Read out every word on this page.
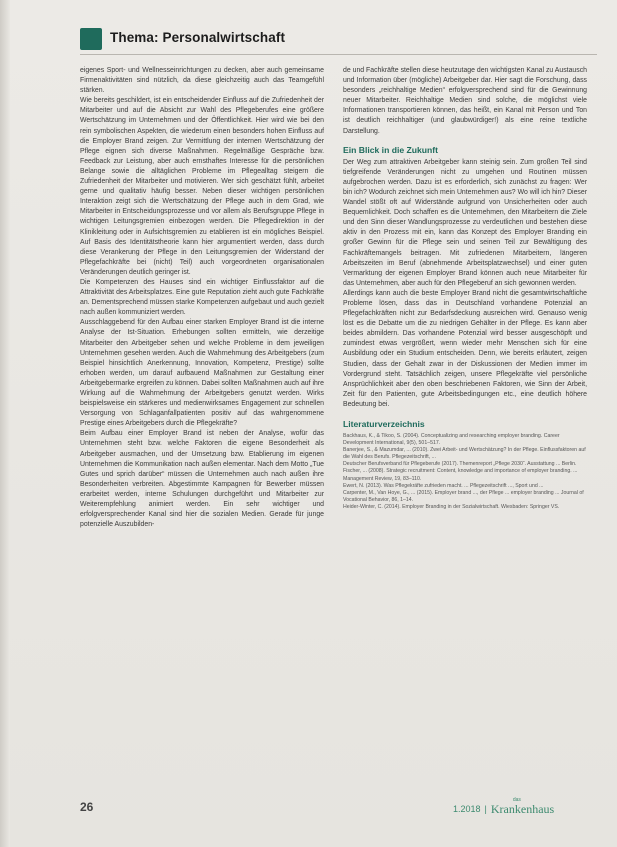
Thema: Personalwirtschaft

eigenes Sport- und Wellnesseinrichtungen zu decken, aber auch gemeinsame Firmenaktivitäten sind nützlich, da diese gleichzeitig auch das Teamgefühl stärken.

Wie bereits geschildert, ist ein entscheidender Einfluss auf die Zufriedenheit der Mitarbeiter und auf die Absicht zur Wahl des Pflegeberufes eine größere Wertschätzung im Unternehmen und der Öffentlichkeit. Hier wird wie bei den rein symbolischen Aspekten, die wiederum einen besonders hohen Einfluss auf die Employer Brand zeigen. Zur Vermittlung der internen Wertschätzung der Pflege eignen sich diverse Maßnahmen. Regelmäßige Gespräche bzw. Feedback zur Leistung, aber auch ernsthaftes Interesse für die persönlichen Belange sowie die alltäglichen Probleme im Pflegealltag steigern die Zufriedenheit der Mitarbeiter und motivieren. Wer sich geschätzt fühlt, arbeitet gerne und qualitativ häufig besser. Neben dieser wichtigen persönlichen Interaktion zeigt sich die Wertschätzung der Pflege auch in dem Grad, wie Mitarbeiter in Entscheidungsprozesse und vor allem als Berufsgruppe Pflege in wichtigen Leitungsgremien einbezogen werden. Die Pflegedirektion in der Klinikleitung oder in Aufsichtsgremien zu etablieren ist ein mögliches Beispiel. Auf Basis des Identitätstheorie kann hier argumentiert werden, dass durch diese Verankerung der Pflege in den Leitungsgremien der Widerstand der Pflegefachkräfte bei (nicht) Teil) auch vorgeordneten organisationalen Veränderungen deutlich geringer ist.

Die Kompetenzen des Hauses sind ein wichtiger Einflussfaktor auf die Attraktivität des Arbeitsplatzes. Eine gute Reputation zieht auch gute Fachkräfte an. Dementsprechend müssen starke Kompetenzen aufgebaut und auch gezielt nach außen kommuniziert werden.

Ausschlaggebend für den Aufbau einer starken Employer Brand ist die interne Analyse der Ist-Situation. Erhebungen sollten ermitteln, wie derzeitige Mitarbeiter den Arbeitgeber sehen und welche Probleme in dem jeweiligen Unternehmen gesehen werden. Auch die Wahrnehmung des Arbeitgebers (zum Beispiel hinsichtlich Anerkennung, Innovation, Kompetenz, Prestige) sollte erhoben werden, um darauf aufbauend Maßnahmen zur Gestaltung einer Arbeitgebermarke ergreifen zu können. Dabei sollten Maßnahmen auch auf ihre Wirkung auf die Wahrnehmung der Arbeitgebers genutzt werden. Wirks beispielsweise ein stärkeres und medienwirksames Engagement zur schnellen Versorgung von Schlaganfallpatienten positiv auf das wahrgenommene Prestige eines Arbeitgebers durch die Pflegekräfte?

Beim Aufbau einer Employer Brand ist neben der Analyse, wofür das Unternehmen steht bzw. welche Faktoren die eigene Besonderheit als Arbeitgeber ausmachen, und der Umsetzung bzw. Etablierung im eigenen Unternehmen die Kommunikation nach außen elementar. Nach dem Motto „Tue Gutes und sprich darüber“ müssen die Unternehmen auch nach außen ihre Besonderheiten verbreiten. Abgestimmte Kampagnen für Bewerber müssen erarbeitet werden, interne Schulungen durchgeführt und Mitarbeiter zur Weiterempfehlung animiert werden. Ein sehr wichtiger und erfolgversprechender Kanal sind hier die sozialen Medien. Gerade für junge potenzielle Auszubilden-

de und Fachkräfte stellen diese heutzutage den wichtigsten Kanal zu Austausch und Information über (mögliche) Arbeitgeber dar. Hier sagt die Forschung, dass besonders „reichhaltige Medien“ erfolgversprechend sind für die Gewinnung neuer Mitarbeiter. Reichhaltige Medien sind solche, die möglichst viele Informationen transportieren können, das heißt, ein Kanal mit Person und Ton ist deutlich reichhaltiger (und glaubwürdiger!) als eine reine textliche Darstellung.

Ein Blick in die Zukunft

Der Weg zum attraktiven Arbeitgeber kann steinig sein. Zum großen Teil sind tiefgreifende Veränderungen nicht zu umgehen und Routinen müssen aufgebrochen werden. Dazu ist es erforderlich, sich zunächst zu fragen: Wer bin ich? Wodurch zeichnet sich mein Unternehmen aus? Wo will ich hin? Dieser Wandel stößt oft auf Widerstände aufgrund von Unsicherheiten oder auch Bequemlichkeit. Doch schaffen es die Unternehmen, den Mitarbeitern die Ziele und den Sinn dieser Wandlungsprozesse zu verdeutlichen und bestehen diese aktiv in den Prozess mit ein, kann das Konzept des Employer Branding ein großer Gewinn für die Pflege sein und seinen Teil zur Bewältigung des Fachkräftemangels beitragen. Mit zufriedenen Mitarbeitern, längeren Arbeitszeiten im Beruf (abnehmende Arbeitsplatzwechsel) und einer guten Vermarktung der eigenen Employer Brand können auch neue Mitarbeiter für das Unternehmen, aber auch für den Pflegeberuf an sich gewonnen werden.

Allerdings kann auch die beste Employer Brand nicht die gesamtwirtschaftliche Probleme lösen, dass das in Deutschland vorhandene Potenzial an Pflegefachkräften nicht zur Bedarfsdeckung ausreichen wird. Genauso wenig löst es die Debatte um die zu niedrigen Gehälter in der Pflege. Es kann aber beides abmildern. Das vorhandene Potenzial wird besser ausgeschöpft und zumindest etwas vergrößert, wenn wieder mehr Menschen sich für eine Ausbildung oder ein Studium entscheiden. Denn, wie bereits erläutert, zeigen Studien, dass der Gehalt zwar in der Diskussionen der Medien immer im Vordergrund steht. Tatsächlich zeigen, unsere Pflegekräfte viel persönliche Ansprüchlichkeit aber den oben beschriebenen Faktoren, wie Sinn der Arbeit, Zeit für den Patienten, gute Arbeitsbedingungen etc., eine deutlich höhere Bedeutung bei.

Literaturverzeichnis
Backhaus, K., & Tikoo, S. (2004). Conceptualizing and researching employer branding. Career Development International, 9(5), 501–517.
Banerjee, S., & Mazumdar, ... (2010). Zwei Arbeit- und Wertschätzung? In der Pflege. Einflussfaktoren auf die Wahl des Berufs. Pflegezeitschrift, ...
Deutscher Berufsverband für Pflegeberufe (2017). Themenreport „Pflege 2030“. Ausstattung ... Berlin.
Fischer, ... (2008). Strategic recruitment: Content, knowledge and importance of employer branding. ... Management Review, 19, 83–110.
Ewert, N. (2013). Was Pflegekräfte zufrieden macht. ... Pflegezeitschrift ..., Sport und ...
Carpenter, M., Van Hoye, G., ... (2015). Employer brand ..., der Pflege ... employer branding ... Journal of Vocational Behavior, 86, 1–14.
Heider-Winter, C. (2014). Employer Branding in der Sozialwirtschaft. Wiesbaden: Springer VS.
26	1.2018 |
das
Krankenhaus
